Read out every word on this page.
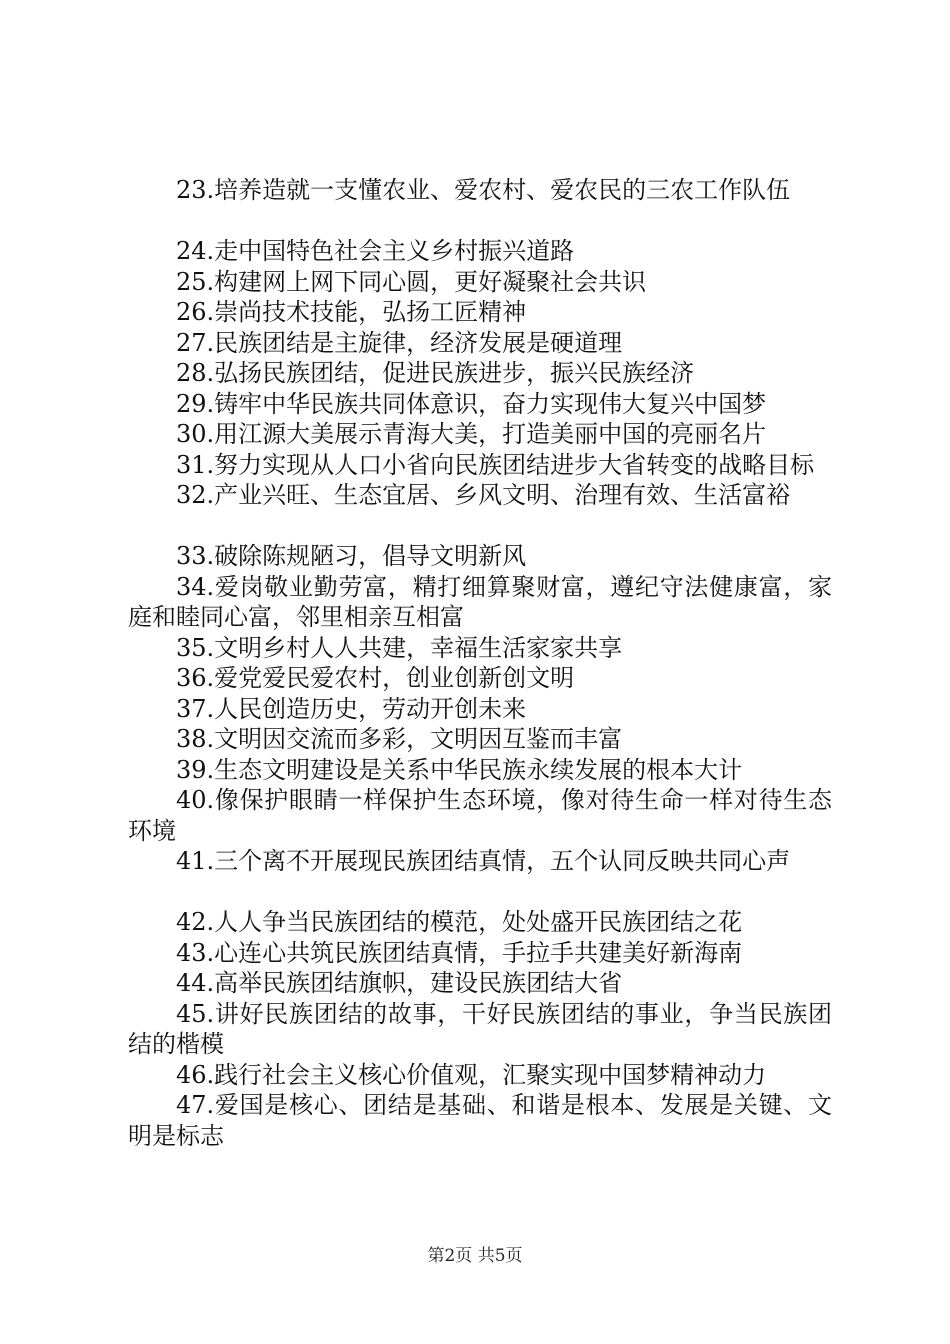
23.培养造就一支懂农业、爱农村、爱农民的三农工作队伍

24.走中国特色社会主义乡村振兴道路

25.构建网上网下同心圆，更好凝聚社会共识

26.崇尚技术技能，弘扬工匠精神

27.民族团结是主旋律，经济发展是硬道理

28.弘扬民族团结，促进民族进步，振兴民族经济

29.铸牢中华民族共同体意识，奋力实现伟大复兴中国梦

30.用江源大美展示青海大美，打造美丽中国的亮丽名片

31.努力实现从人口小省向民族团结进步大省转变的战略目标

32.产业兴旺、生态宜居、乡风文明、治理有效、生活富裕

33.破除陈规陋习，倡导文明新风

34.爱岗敬业勤劳富，精打细算聚财富，遵纪守法健康富，家庭和睦同心富，邻里相亲互相富

35.文明乡村人人共建，幸福生活家家共享

36.爱党爱民爱农村，创业创新创文明

37.人民创造历史，劳动开创未来

38.文明因交流而多彩，文明因互鉴而丰富

39.生态文明建设是关系中华民族永续发展的根本大计

40.像保护眼睛一样保护生态环境，像对待生命一样对待生态环境

41.三个离不开展现民族团结真情，五个认同反映共同心声

42.人人争当民族团结的模范，处处盛开民族团结之花

43.心连心共筑民族团结真情，手拉手共建美好新海南

44.高举民族团结旗帜，建设民族团结大省

45.讲好民族团结的故事，干好民族团结的事业，争当民族团结的楷模

46.践行社会主义核心价值观，汇聚实现中国梦精神动力

47.爱国是核心、团结是基础、和谐是根本、发展是关键、文明是标志

第2页 共5页
